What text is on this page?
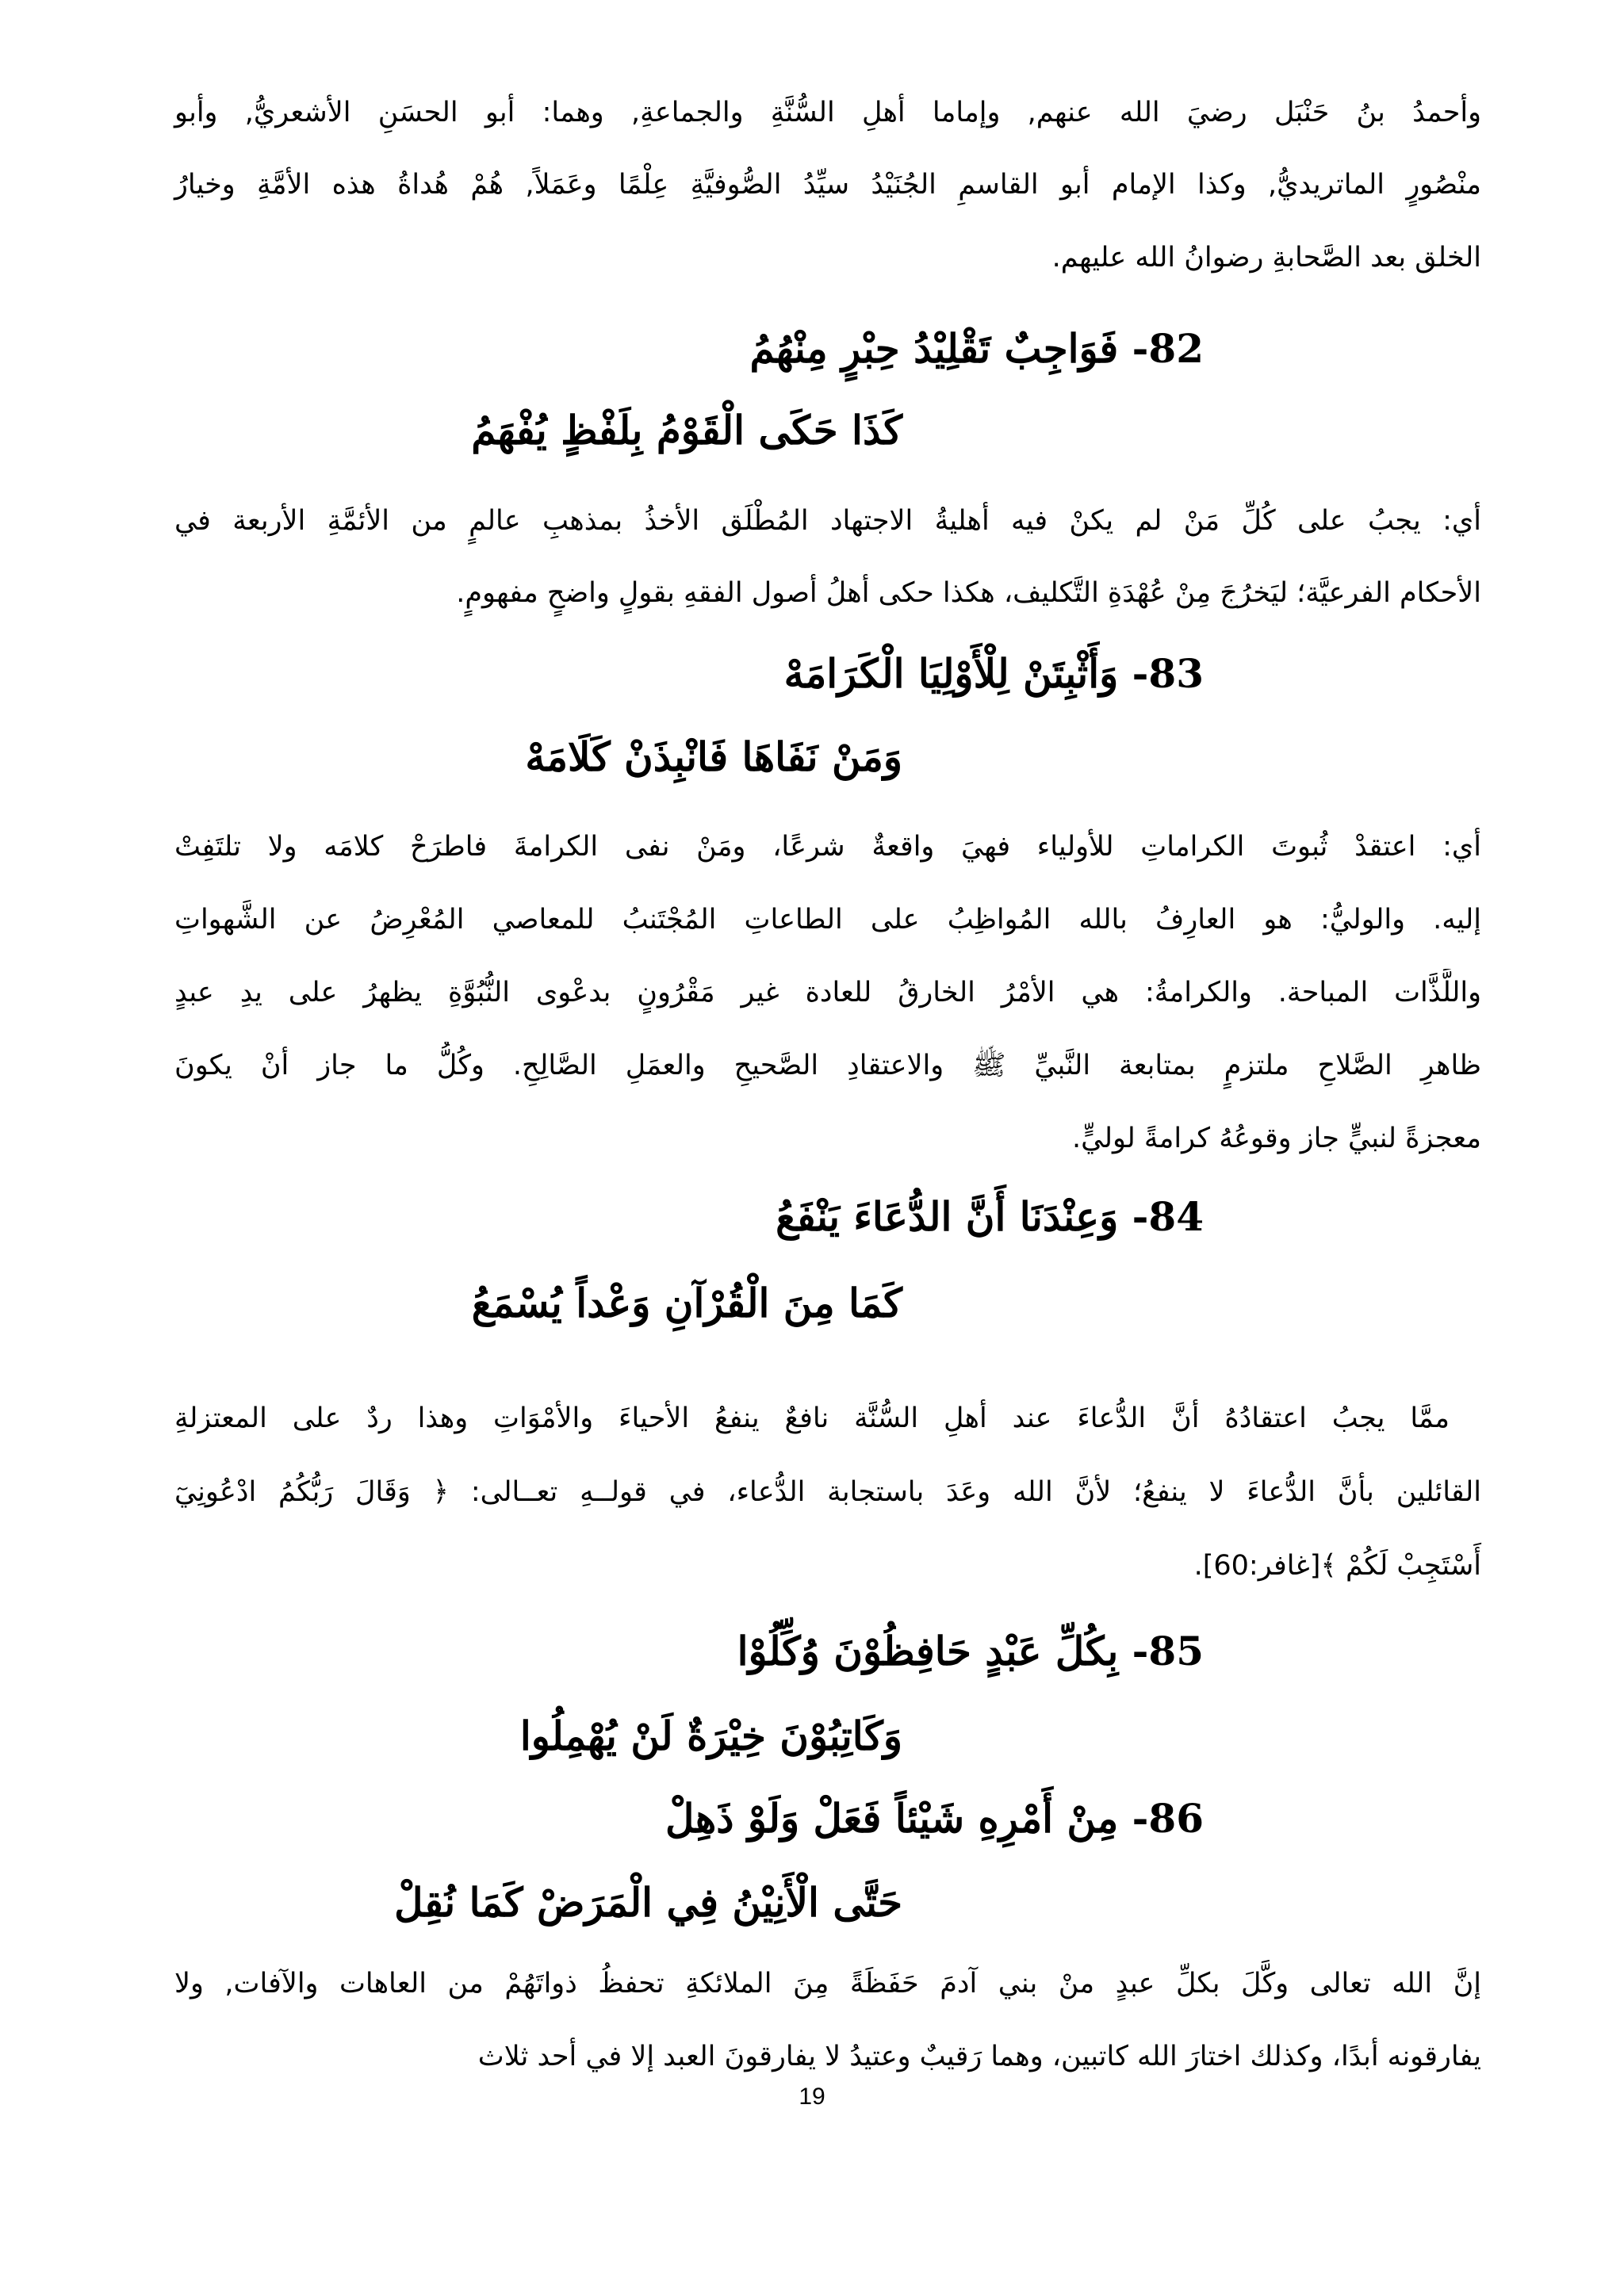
وأحمدُ بنُ حَنْبَل رضيَ الله عنهم, وإماما أهلِ السُّنَّةِ والجماعةِ, وهما: أبو الحسَنِ الأشعريُّ, وأبو
منْصُورٍ الماتريديُّ, وكذا الإمام أبو القاسمِ الجُنَيْدُ سيِّدُ الصُّوفيَّةِ عِلْمًا وعَمَلاً, هُمْ هُداةُ هذه الأمَّةِ وخيارُ
الخلق بعد الصَّحابةِ رضوانُ الله عليهم.
82- فَوَاجِبٌ تَقْلِيْدُ حِبْرٍ مِنْهُمُ
كَذَا حَكَى الْقَوْمُ بِلَفْظٍ يُفْهَمُ
أي: يجبُ على كُلِّ مَنْ لم يكنْ فيه أهليةُ الاجتهاد المُطْلَق الأخذُ بمذهبِ عالمٍ من الأئمَّةِ الأربعة في
الأحكام الفرعيَّة؛ ليَخرُجَ مِنْ عُهْدَةِ التَّكليف، هكذا حكى أهلُ أصول الفقهِ بقولٍ واضحٍ مفهومٍ.
83- وَأَثْبِتَنْ لِلْأَوْلِيَا الْكَرَامَهْ
وَمَنْ نَفَاهَا فَانْبِذَنْ كَلَامَهْ
أي: اعتقدْ ثُبوتَ الكراماتِ للأولياء فهيَ واقعةٌ شرعًا، ومَنْ نفى الكرامةَ فاطرَحْ كلامَه ولا تلتَفِتْ
إليه. والوليُّ: هو العارِفُ بالله المُواظِبُ على الطاعاتِ المُجْتَنبُ للمعاصي المُعْرِضُ عن الشَّهواتِ
واللَّذَّات المباحة. والكرامةُ: هي الأمْرُ الخارقُ للعادة غير مَقْرُونٍ بدعْوى النُّبُوَّةِ يظهرُ على يدِ عبدٍ
ظاهرِ الصَّلاحِ ملتزمٍ بمتابعة النَّبيِّ ﷺ والاعتقادِ الصَّحيحِ والعمَلِ الصَّالِحِ. وكُلُّ ما جاز أنْ يكونَ
معجزةً لنبيٍّ جاز وقوعُهُ كرامةً لوليٍّ.
84- وَعِنْدَنَا أَنَّ الدُّعَاءَ يَنْفَعُ
كَمَا مِنَ الْقُرْآنِ وَعْداً يُسْمَعُ
ممَّا يجبُ اعتقادُهُ أنَّ الدُّعاءَ عند أهلِ السُّنَّة نافعٌ ينفعُ الأحياءَ والأمْوَاتِ وهذا ردٌ على المعتزلةِ
القائلين بأنَّ الدُّعاءَ لا ينفعُ؛ لأنَّ الله وعَدَ باستجابة الدُّعاء، في قولــهِ تعــالى: ﴿ وَقَالَ رَبُّكُمُ ادْعُونِيٓ
أَسْتَجِبْ لَكُمْ ﴾[غافر:60].
85- بِكُلِّ عَبْدٍ حَافِظُوْنَ وُكِّلُوْا
وَكَاتِبُوْنَ خِيْرَةٌ لَنْ يُهْمِلُوا
86- مِنْ أَمْرِهِ شَيْئاً فَعَلْ وَلَوْ ذَهِلْ
حَتَّى الْأَنِيْنُ فِي الْمَرَضْ كَمَا نُقِلْ
إنَّ الله تعالى وكَّلَ بكلِّ عبدٍ منْ بني آدمَ حَفَظَةً مِنَ الملائكةِ تحفظُ ذواتَهُمْ من العاهات والآفات, ولا
يفارقونه أبدًا، وكذلك اختارَ الله كاتبين، وهما رَقيبٌ وعتيدُ لا يفارقونَ العبد إلا في أحد ثلاث
19
